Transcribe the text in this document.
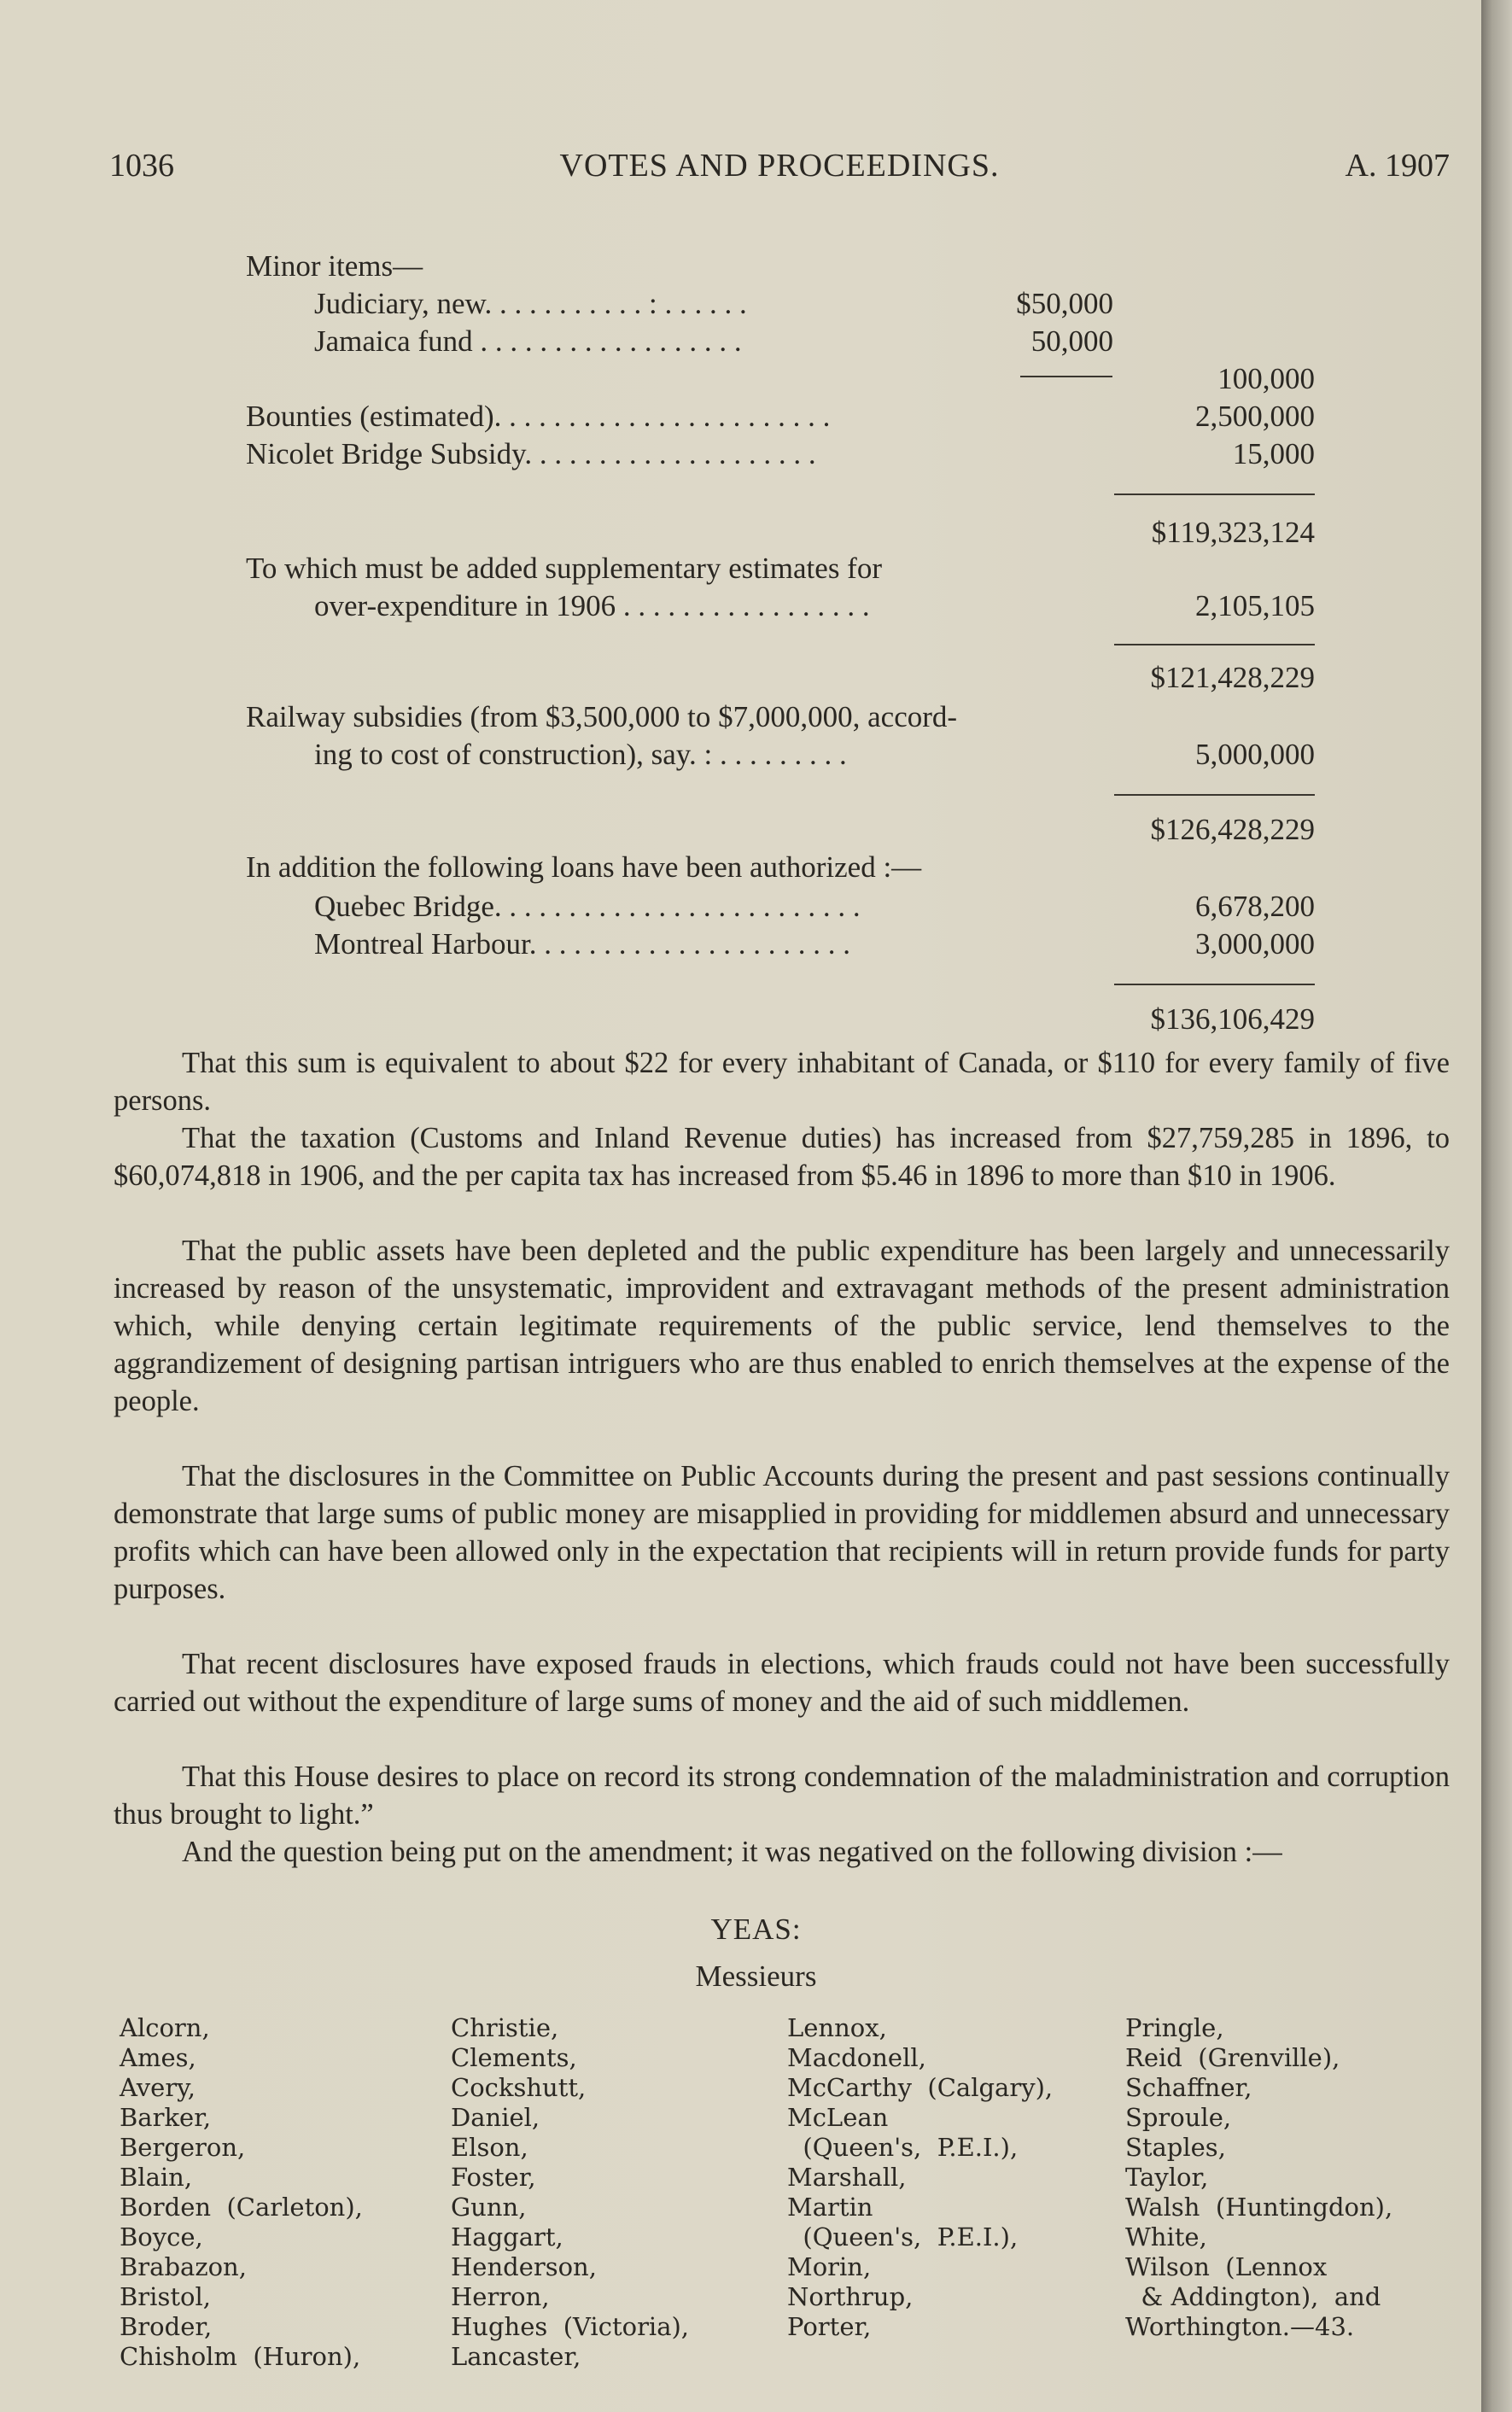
1036	VOTES AND PROCEEDINGS.	A. 1907
Minor items—
Judiciary, new. . . . . . . . . . . : . . . . . .	$50,000
Jamaica fund . . . . . . . . . . . . . . . . . .	50,000
100,000
Bounties (estimated). . . . . . . . . . . . . . . . . . . . . . .	2,500,000
Nicolet Bridge Subsidy. . . . . . . . . . . . . . . . . . . .	15,000
$119,323,124
To which must be added supplementary estimates for
over-expenditure in 1906 . . . . . . . . . . . . . . . . .	2,105,105
$121,428,229
Railway subsidies (from $3,500,000 to $7,000,000, accord-
ing to cost of construction), say. : . . . . . . . . .	5,000,000
$126,428,229
In addition the following loans have been authorized :—
Quebec Bridge. . . . . . . . . . . . . . . . . . . . . . . . .	6,678,200
Montreal Harbour. . . . . . . . . . . . . . . . . . . . . .	3,000,000
$136,106,429

That this sum is equivalent to about $22 for every inhabitant of Canada, or $110 for every family of five persons.

That the taxation (Customs and Inland Revenue duties) has increased from $27,759,285 in 1896, to $60,074,818 in 1906, and the per capita tax has increased from $5.46 in 1896 to more than $10 in 1906.

That the public assets have been depleted and the public expenditure has been largely and unnecessarily increased by reason of the unsystematic, improvident and extravagant methods of the present administration which, while denying certain legitimate requirements of the public service, lend themselves to the aggrandizement of designing partisan intriguers who are thus enabled to enrich themselves at the expense of the people.

That the disclosures in the Committee on Public Accounts during the present and past sessions continually demonstrate that large sums of public money are misapplied in providing for middlemen absurd and unnecessary profits which can have been allowed only in the expectation that recipients will in return provide funds for party purposes.

That recent disclosures have exposed frauds in elections, which frauds could not have been successfully carried out without the expenditure of large sums of money and the aid of such middlemen.

That this House desires to place on record its strong condemnation of the maladministration and corruption thus brought to light.”

And the question being put on the amendment; it was negatived on the following division :—

YEAS:
Messieurs
Alcorn,
Ames,
Avery,
Barker,
Bergeron,
Blain,
Borden  (Carleton),
Boyce,
Brabazon,
Bristol,
Broder,
Chisholm  (Huron),
Christie,
Clements,
Cockshutt,
Daniel,
Elson,
Foster,
Gunn,
Haggart,
Henderson,
Herron,
Hughes  (Victoria),
Lancaster,
Lennox,
Macdonell,
McCarthy  (Calgary),
McLean
(Queen's,  P.E.I.),
Marshall,
Martin
(Queen's,  P.E.I.),
Morin,
Northrup,
Porter,
Pringle,
Reid  (Grenville),
Schaffner,
Sproule,
Staples,
Taylor,
Walsh  (Huntingdon),
White,
Wilson  (Lennox
& Addington),  and
Worthington.—43.
